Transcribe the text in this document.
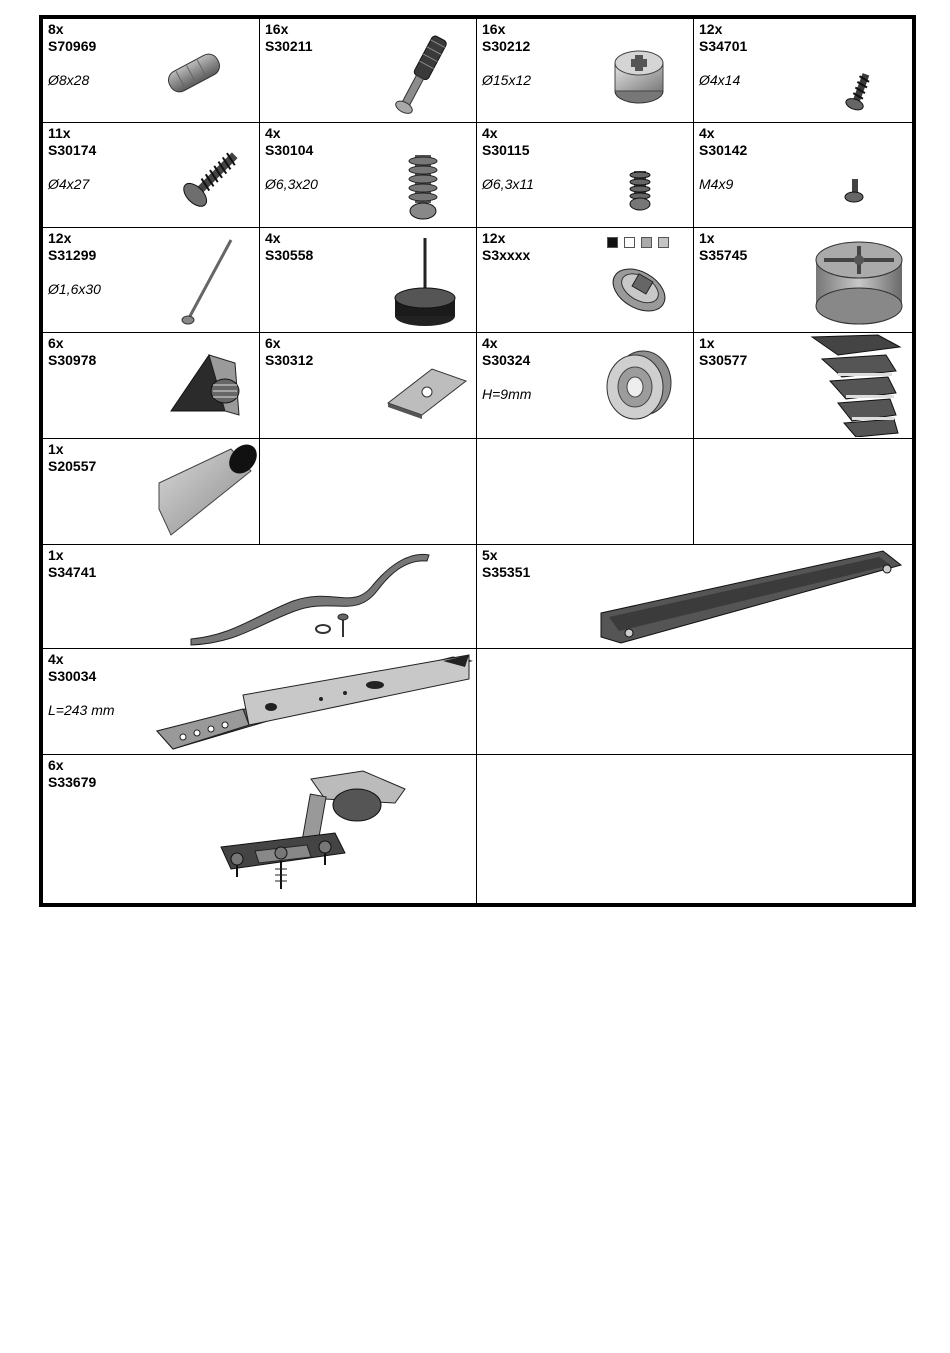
8x
S70969
Ø8x28
16x
S30211
16x
S30212
Ø15x12
12x
S34701
Ø4x14
11x
S30174
Ø4x27
4x
S30104
Ø6,3x20
4x
S30115
Ø6,3x11
4x
S30142
M4x9
12x
S31299
Ø1,6x30
4x
S30558
12x
S3xxxx
1x
S35745
6x
S30978
6x
S30312
4x
S30324
H=9mm
1x
S30577
1x
S20557
1x
S34741
5x
S35351
4x
S30034
L=243 mm
6x
S33679
